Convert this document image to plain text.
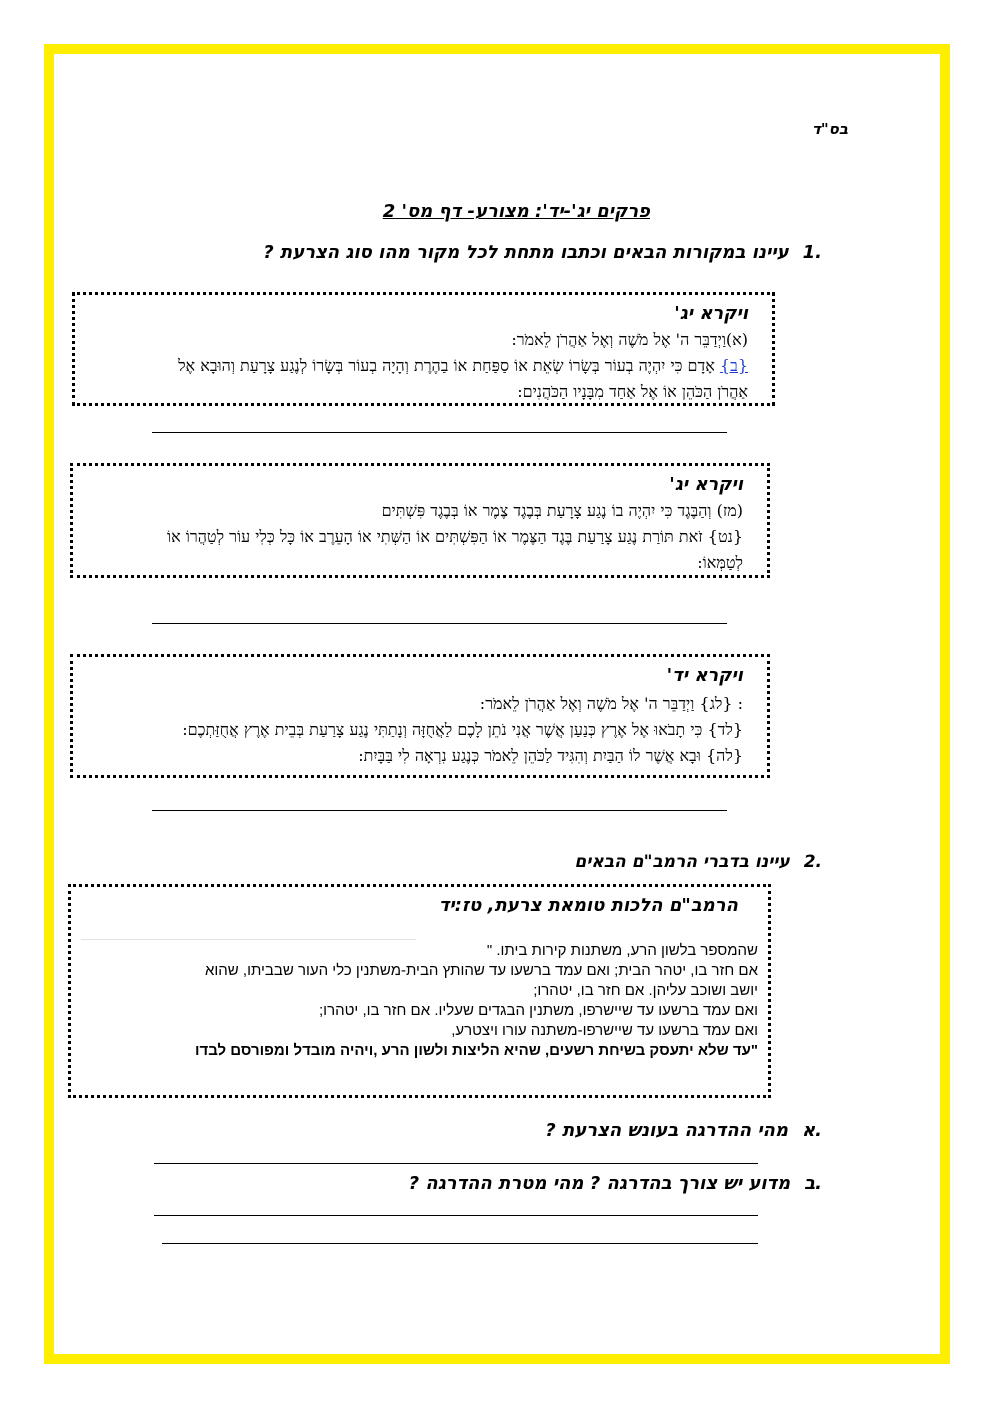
בס"ד
פרקים יג'-יד': מצורע- דף מס' 2
.1עיינו במקורות הבאים וכתבו מתחת לכל מקור מהו סוג הצרעת ?
ויקרא יג'
(א)וַיְדַבֵּר ה' אֶל מֹשֶׁה וְאֶל אַהֲרֹן לֵאמֹר:
{ב} אָדָם כִּי יִהְיֶה בְעוֹר בְּשָׂרוֹ שְׂאֵת אוֹ סַפַּחַת אוֹ בַהֶרֶת וְהָיָה בְעוֹר בְּשָׂרוֹ לְנֶגַע צָרָעַת וְהוּבָא אֶל
אַהֲרֹן הַכֹּהֵן אוֹ אֶל אַחַד מִבָּנָיו הַכֹּהֲנִים:
ויקרא יג'
(מז) וְהַבֶּגֶד כִּי יִהְיֶה בוֹ נֶגַע צָרָעַת בְּבֶגֶד צֶמֶר אוֹ בְּבֶגֶד פִּשְׁתִּים
{נט} זֹאת תּוֹרַת נֶגַע צָרַעַת בֶּגֶד הַצֶּמֶר אוֹ הַפִּשְׁתִּים אוֹ הַשְּׁתִי אוֹ הָעֵרֶב אוֹ כָּל כְּלִי עוֹר לְטַהֲרוֹ אוֹ
לְטַמְּאוֹ:
ויקרא יד'
: {לג} וַיְדַבֵּר ה' אֶל מֹשֶׁה וְאֶל אַהֲרֹן לֵאמֹר:
{לד} כִּי תָבֹאוּ אֶל אֶרֶץ כְּנַעַן אֲשֶׁר אֲנִי נֹתֵן לָכֶם לַאֲחֻזָּה וְנָתַתִּי נֶגַע צָרַעַת בְּבֵית אֶרֶץ אֲחֻזַּתְכֶם:
{לה} וּבָא אֲשֶׁר לוֹ הַבַּיִת וְהִגִּיד לַכֹּהֵן לֵאמֹר כְּנֶגַע נִרְאָה לִי בַּבָּיִת:
.2עיינו בדברי הרמב"ם הבאים
הרמב"ם הלכות טומאת צרעת, טז:יד
שהמספר בלשון הרע, משתנות קירות ביתו. "
אם חזר בו, יטהר הבית; ואם עמד ברשעו עד שהותץ הבית-משתנין כלי העור שבביתו, שהוא
יושב ושוכב עליהן. אם חזר בו, יטהרו;
ואם עמד ברשעו עד שיישרפו, משתנין הבגדים שעליו. אם חזר בו, יטהרו;
ואם עמד ברשעו עד שיישרפו-משתנה עורו ויצטרע,
"עד שלא יתעסק בשיחת רשעים, שהיא הליצות ולשון הרע ,ויהיה מובדל ומפורסם לבדו
.אמהי ההדרגה בעונש הצרעת ?
.במדוע יש צורך בהדרגה ? מהי מטרת ההדרגה ?
